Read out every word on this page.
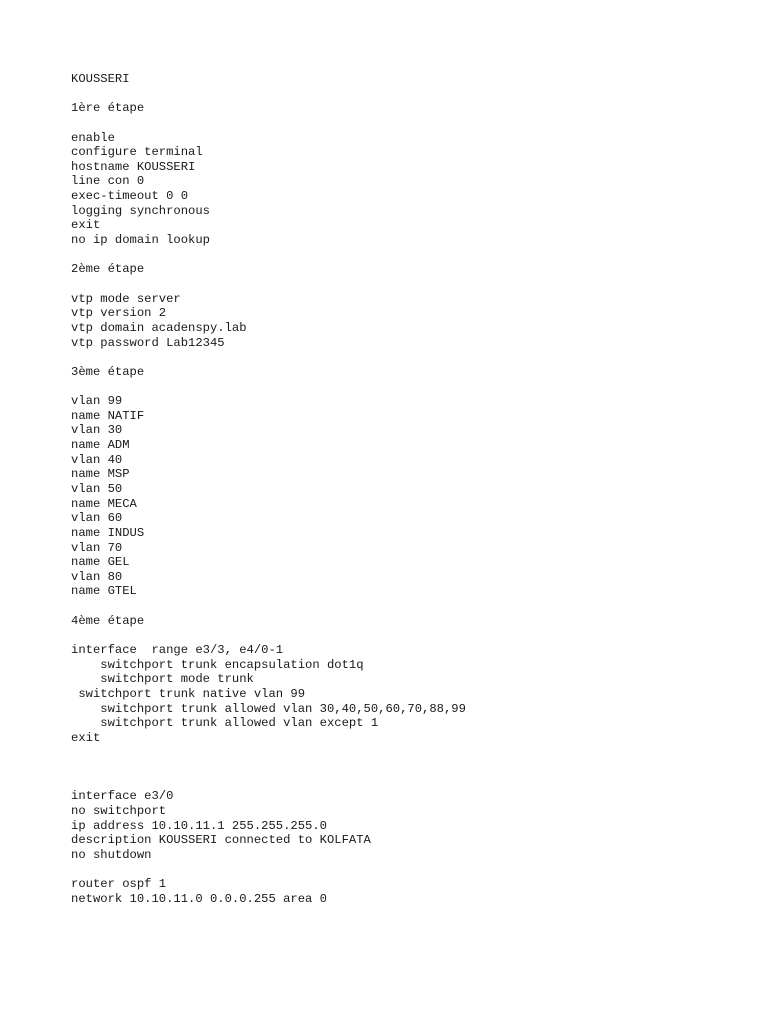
KOUSSERI
1ère étape
enable
configure terminal
hostname KOUSSERI
line con 0
exec-timeout 0 0
logging synchronous
exit
no ip domain lookup
2ème étape
vtp mode server
vtp version 2
vtp domain acadenspy.lab
vtp password Lab12345
3ème étape
vlan 99
name NATIF
vlan 30
name ADM
vlan 40
name MSP
vlan 50
name MECA
vlan 60
name INDUS
vlan 70
name GEL
vlan 80
name GTEL
4ème étape
interface  range e3/3, e4/0-1
switchport trunk encapsulation dot1q
switchport mode trunk
switchport trunk native vlan 99
switchport trunk allowed vlan 30,40,50,60,70,88,99
switchport trunk allowed vlan except 1
exit
interface e3/0
no switchport
ip address 10.10.11.1 255.255.255.0
description KOUSSERI connected to KOLFATA
no shutdown
router ospf 1
network 10.10.11.0 0.0.0.255 area 0
